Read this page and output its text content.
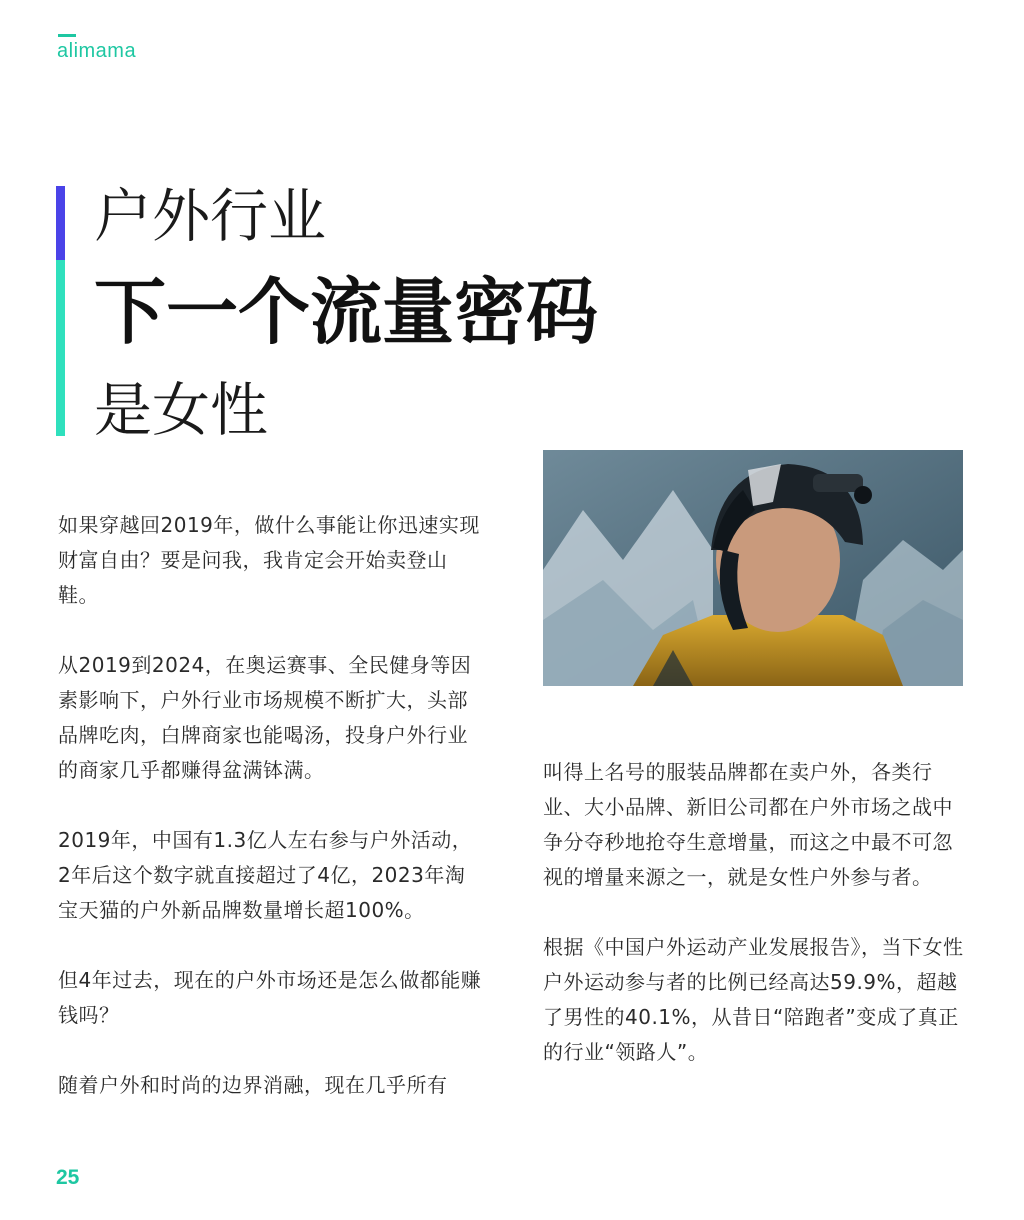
alimama
户外行业
下一个流量密码
是女性

如果穿越回2019年，做什么事能让你迅速实现财富自由？要是问我，我肯定会开始卖登山鞋。

从2019到2024，在奥运赛事、全民健身等因素影响下，户外行业市场规模不断扩大，头部品牌吃肉，白牌商家也能喝汤，投身户外行业的商家几乎都赚得盆满钵满。

2019年，中国有1.3亿人左右参与户外活动，2年后这个数字就直接超过了4亿，2023年淘宝天猫的户外新品牌数量增长超100%。

但4年过去，现在的户外市场还是怎么做都能赚钱吗？

随着户外和时尚的边界消融，现在几乎所有

叫得上名号的服装品牌都在卖户外，各类行业、大小品牌、新旧公司都在户外市场之战中争分夺秒地抢夺生意增量，而这之中最不可忽视的增量来源之一，就是女性户外参与者。

根据《中国户外运动产业发展报告》，当下女性户外运动参与者的比例已经高达59.9%，超越了男性的40.1%，从昔日“陪跑者”变成了真正的行业“领路人”。

25
